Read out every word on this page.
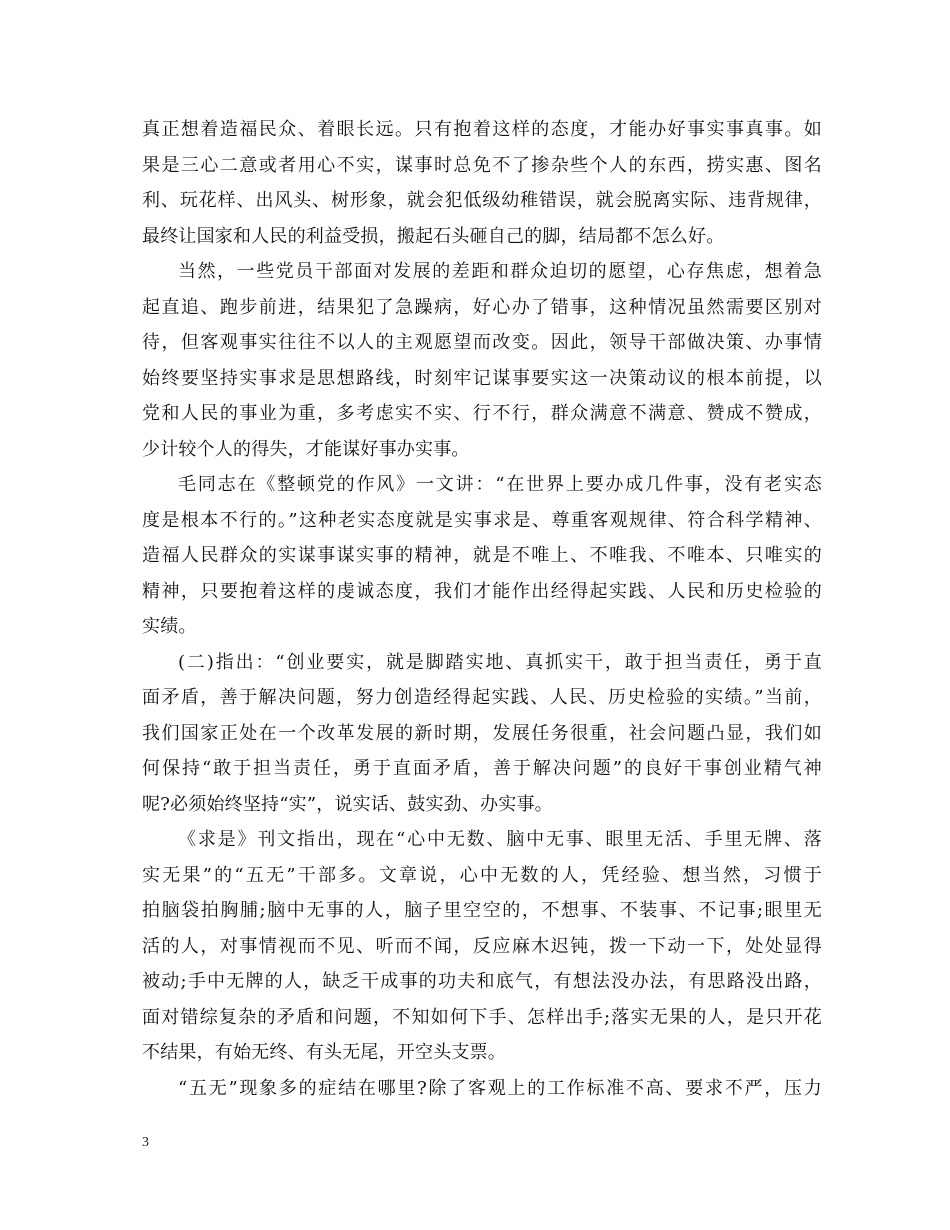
真正想着造福民众、着眼长远。只有抱着这样的态度，才能办好事实事真事。如
果是三心二意或者用心不实，谋事时总免不了掺杂些个人的东西，捞实惠、图名
利、玩花样、出风头、树形象，就会犯低级幼稚错误，就会脱离实际、违背规律，
最终让国家和人民的利益受损，搬起石头砸自己的脚，结局都不怎么好。
当然，一些党员干部面对发展的差距和群众迫切的愿望，心存焦虑，想着急
起直追、跑步前进，结果犯了急躁病，好心办了错事，这种情况虽然需要区别对
待，但客观事实往往不以人的主观愿望而改变。因此，领导干部做决策、办事情
始终要坚持实事求是思想路线，时刻牢记谋事要实这一决策动议的根本前提，以
党和人民的事业为重，多考虑实不实、行不行，群众满意不满意、赞成不赞成，
少计较个人的得失，才能谋好事办实事。
毛同志在《整顿党的作风》一文讲：“在世界上要办成几件事，没有老实态
度是根本不行的。”这种老实态度就是实事求是、尊重客观规律、符合科学精神、
造福人民群众的实谋事谋实事的精神，就是不唯上、不唯我、不唯本、只唯实的
精神，只要抱着这样的虔诚态度，我们才能作出经得起实践、人民和历史检验的
实绩。
(二)指出：“创业要实，就是脚踏实地、真抓实干，敢于担当责任，勇于直
面矛盾，善于解决问题，努力创造经得起实践、人民、历史检验的实绩。”当前，
我们国家正处在一个改革发展的新时期，发展任务很重，社会问题凸显，我们如
何保持“敢于担当责任，勇于直面矛盾，善于解决问题”的良好干事创业精气神
呢?必须始终坚持“实”，说实话、鼓实劲、办实事。
《求是》刊文指出，现在“心中无数、脑中无事、眼里无活、手里无牌、落
实无果”的“五无”干部多。文章说，心中无数的人，凭经验、想当然，习惯于
拍脑袋拍胸脯;脑中无事的人，脑子里空空的，不想事、不装事、不记事;眼里无
活的人，对事情视而不见、听而不闻，反应麻木迟钝，拨一下动一下，处处显得
被动;手中无牌的人，缺乏干成事的功夫和底气，有想法没办法，有思路没出路，
面对错综复杂的矛盾和问题，不知如何下手、怎样出手;落实无果的人，是只开花
不结果，有始无终、有头无尾，开空头支票。
“五无”现象多的症结在哪里?除了客观上的工作标准不高、要求不严，压力
3
